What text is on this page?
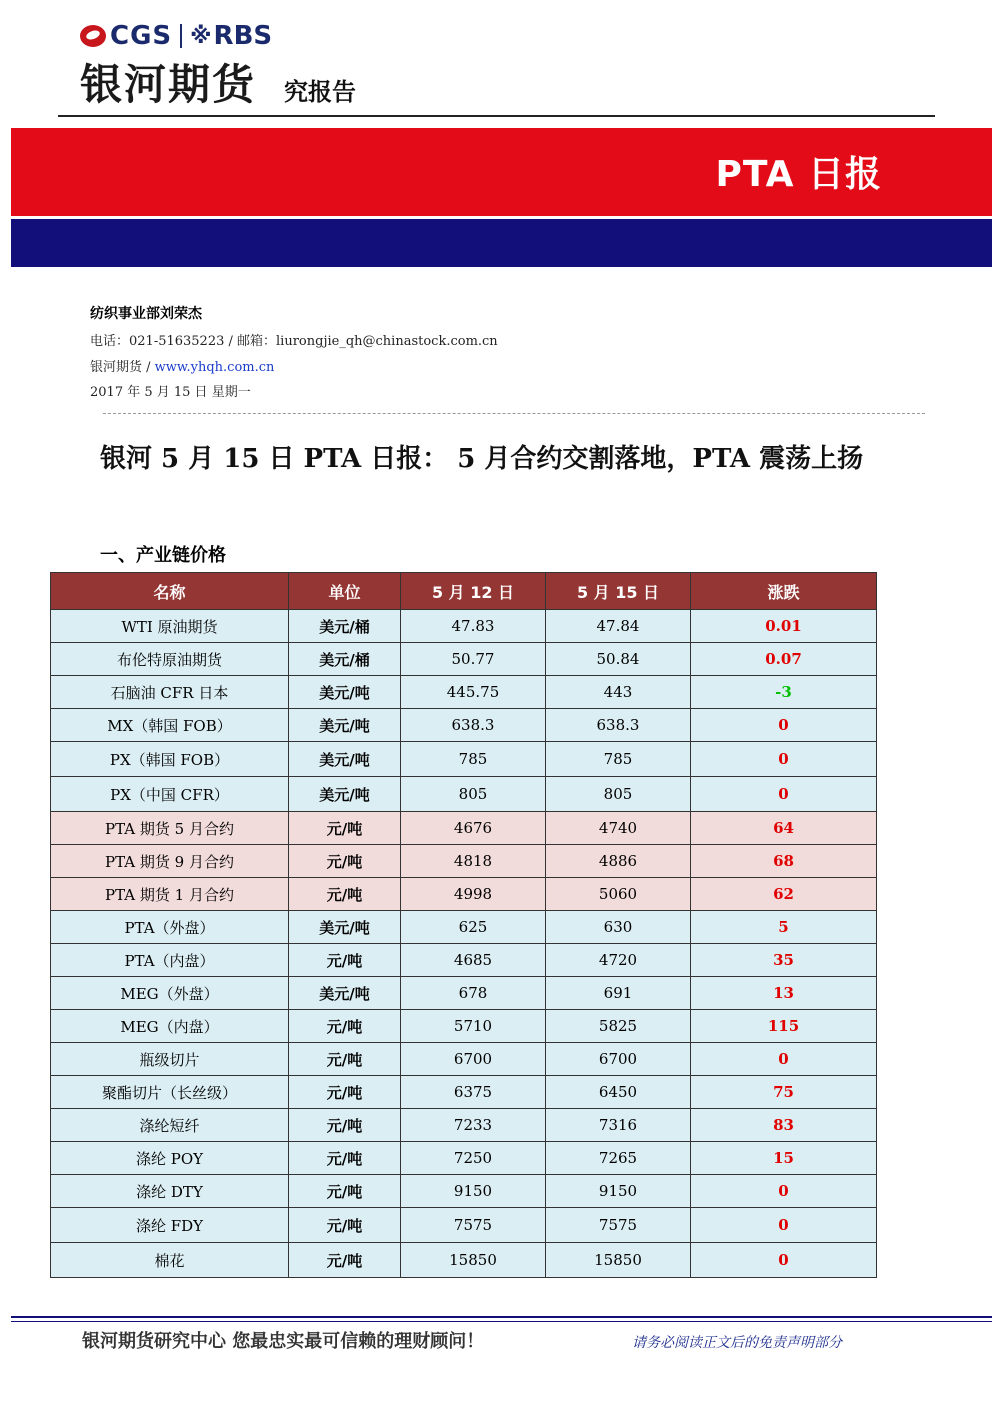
CGS ※ RBS
银河期货 究报告
PTA 日报
纺织事业部刘荣杰
电话：021-51635223 / 邮箱：liurongjie_qh@chinastock.com.cn
银河期货 / www.yhqh.com.cn
2017 年 5 月 15 日 星期一
银河 5 月 15 日 PTA 日报： 5 月合约交割落地，PTA 震荡上扬
一、产业链价格
名称	单位	5 月 12 日	5 月 15 日	涨跌
WTI 原油期货	美元/桶	47.83	47.84	0.01
布伦特原油期货	美元/桶	50.77	50.84	0.07
石脑油 CFR 日本	美元/吨	445.75	443	-3
MX（韩国 FOB）	美元/吨	638.3	638.3	0
PX（韩国 FOB）	美元/吨	785	785	0
PX（中国 CFR）	美元/吨	805	805	0
PTA 期货 5 月合约	元/吨	4676	4740	64
PTA 期货 9 月合约	元/吨	4818	4886	68
PTA 期货 1 月合约	元/吨	4998	5060	62
PTA（外盘）	美元/吨	625	630	5
PTA（内盘）	元/吨	4685	4720	35
MEG（外盘）	美元/吨	678	691	13
MEG（内盘）	元/吨	5710	5825	115
瓶级切片	元/吨	6700	6700	0
聚酯切片（长丝级）	元/吨	6375	6450	75
涤纶短纤	元/吨	7233	7316	83
涤纶 POY	元/吨	7250	7265	15
涤纶 DTY	元/吨	9150	9150	0
涤纶 FDY	元/吨	7575	7575	0
棉花	元/吨	15850	15850	0
银河期货研究中心 您最忠实最可信赖的理财顾问！	请务必阅读正文后的免责声明部分
